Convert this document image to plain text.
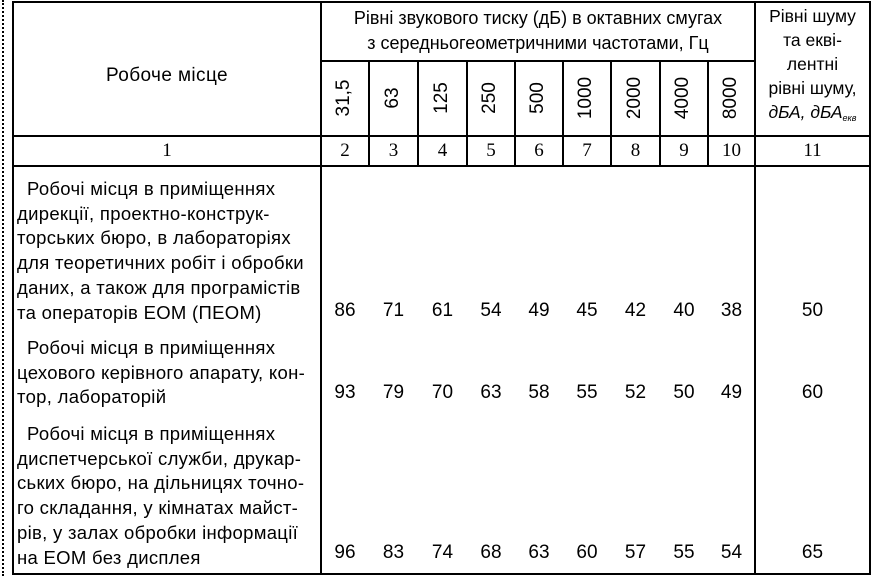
Робоче місце
Рівні звукового тиску (дБ) в октавних смугах
з середньогеометричними частотами, Гц
Рівні шуму
та екві-
лентні
рівні шуму,
дБА, дБА$_{екв}$
31,5 63 125 250 500 1000 2000 4000 8000
1	2	3	4	5	6	7	8	9	10	11
Робочі місця в приміщеннях
дирекції, проектно-конструк-
торських бюро, в лабораторіях
для теоретичних робіт і обробки
даних, а також для програмістів
та операторів ЕОМ (ПЕОМ)	86	71	61	54	49	45	42	40	38	50
Робочі місця в приміщеннях
цехового керівного апарату, кон-
тор, лабораторій	93	79	70	63	58	55	52	50	49	60
Робочі місця в приміщеннях
диспетчерської служби, друкар-
ських бюро, на дільницях точно-
го складання, у кімнатах майст-
рів, у залах обробки інформації
на ЕОМ без дисплея	96	83	74	68	63	60	57	55	54	65
